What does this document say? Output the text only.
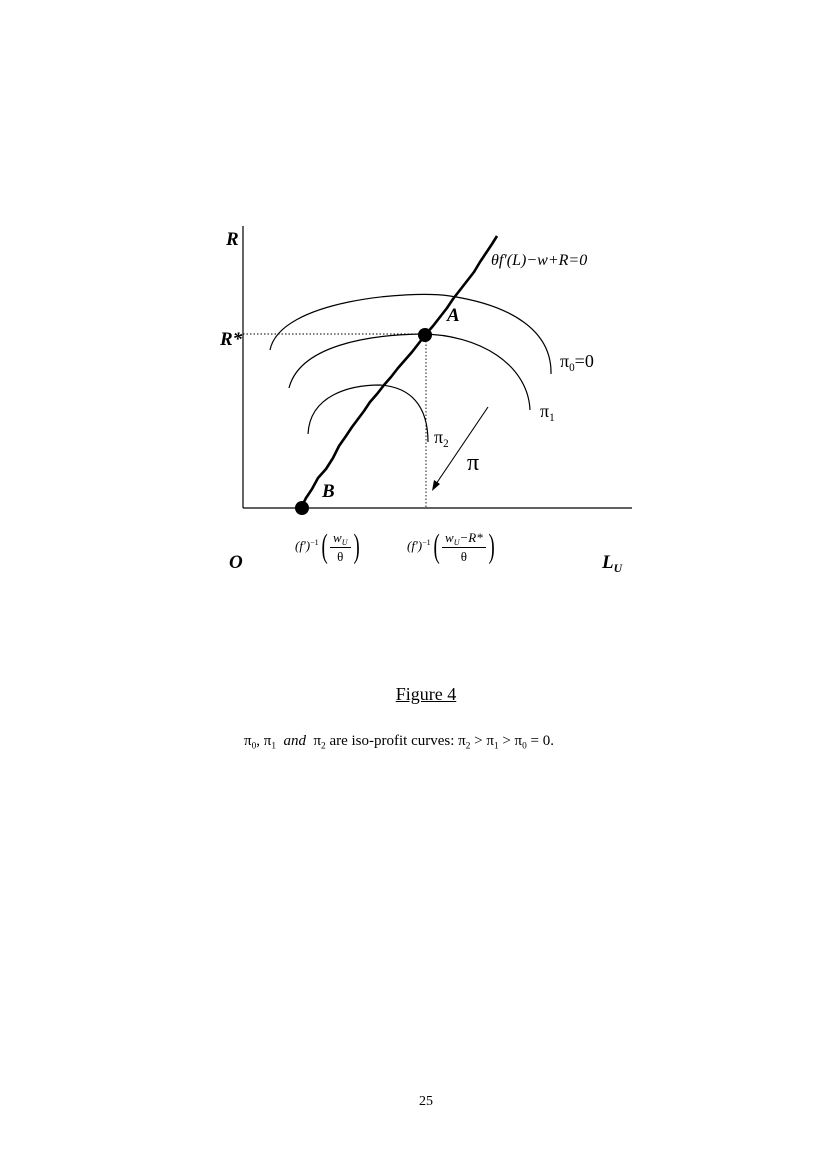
R
R*
O	$L_U$
A
B
θf′(L)−w+R=0
$\pi_0=0$
$\pi_1$
$\pi_2$
π
$(f')^{-1}( \frac{w_U}{\theta}$ )	$(f')^{-1}( \frac{w_U-R*}{\theta}$ )
Figure 4
$\pi_0$, $\pi_1$ and $\pi_2$ are iso-profit curves: $\pi_2 > \pi_1 > \pi_0 = 0$.
25
